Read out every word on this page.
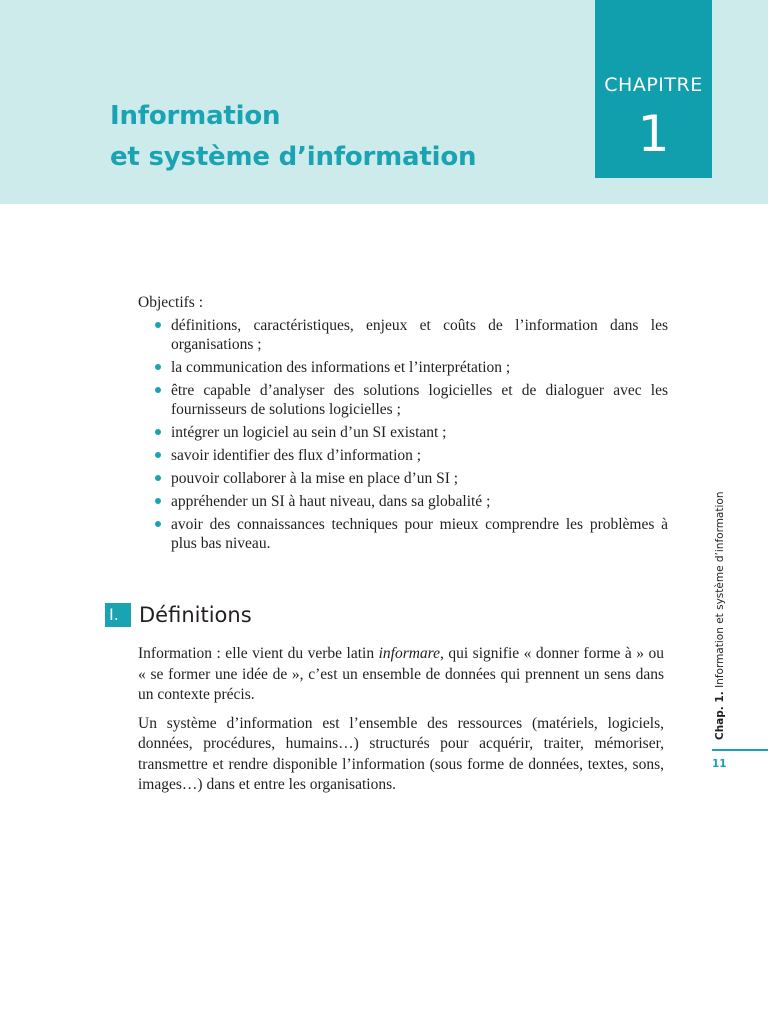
Information
et système d’information
CHAPITRE
1

Objectifs :

définitions, caractéristiques, enjeux et coûts de l’information dans les organisations ;
la communication des informations et l’interprétation ;
être capable d’analyser des solutions logicielles et de dialoguer avec les fournisseurs de solutions logicielles ;
intégrer un logiciel au sein d’un SI existant ;
savoir identifier des flux d’information ;
pouvoir collaborer à la mise en place d’un SI ;
appréhender un SI à haut niveau, dans sa globalité ;
avoir des connaissances techniques pour mieux comprendre les problèmes à plus bas niveau.
I. Définitions

Information : elle vient du verbe latin informare, qui signifie « donner forme à » ou « se former une idée de », c’est un ensemble de données qui prennent un sens dans un contexte précis.

Un système d’information est l’ensemble des ressources (matériels, logiciels, données, procédures, humains…) structurés pour acquérir, traiter, mémoriser, transmettre et rendre disponible l’information (sous forme de données, textes, sons, images…) dans et entre les organisations.

Chap. 1. Information et système d’information
11
